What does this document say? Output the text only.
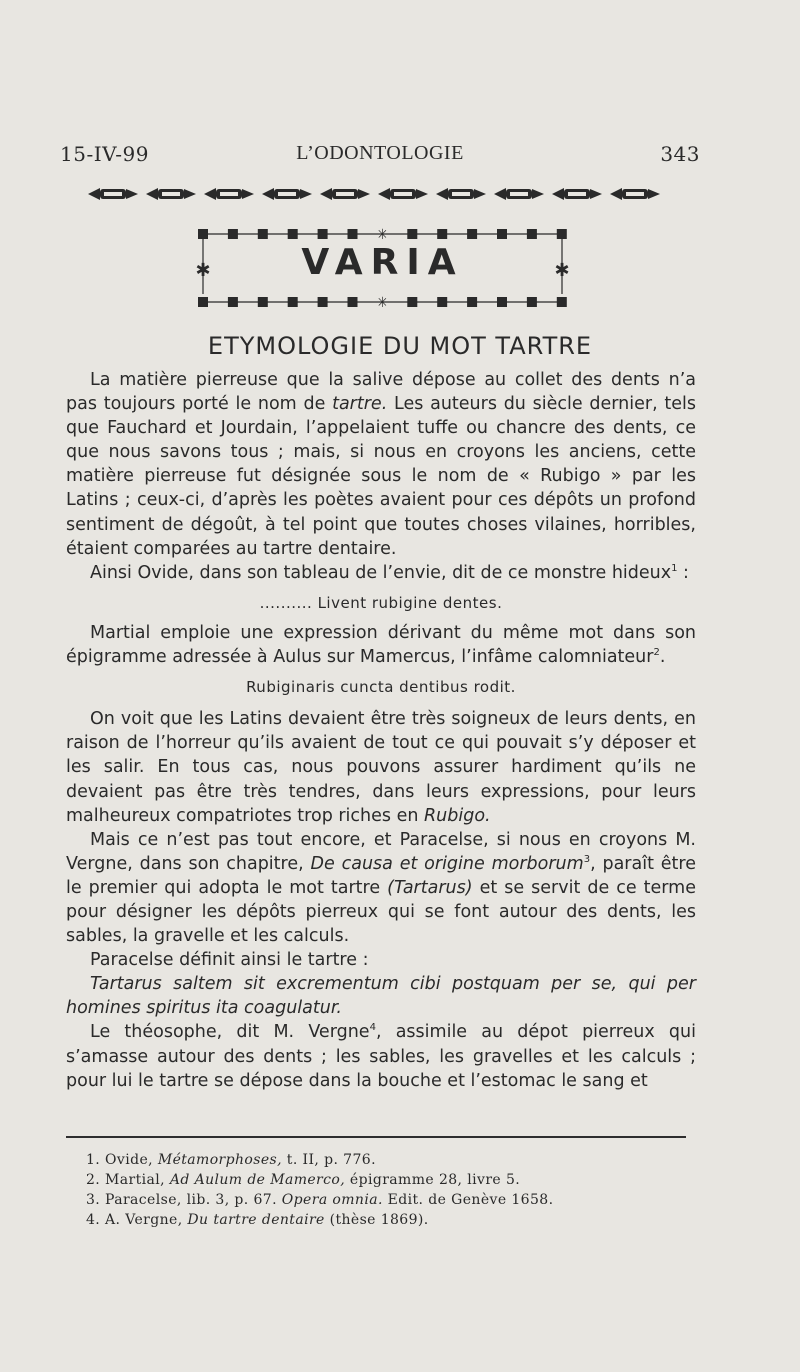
15-IV-99	L’ODONTOLOGIE	343
✳
✳
✱	✱
VARIA
ETYMOLOGIE DU MOT TARTRE

La matière pierreuse que la salive dépose au collet des dents n’a pas toujours porté le nom de tartre. Les auteurs du siècle dernier, tels que Fauchard et Jourdain, l’appelaient tuffe ou chancre des dents, ce que nous savons tous ; mais, si nous en croyons les anciens, cette matière pierreuse fut désignée sous le nom de « Rubigo » par les Latins ; ceux-ci, d’après les poètes avaient pour ces dépôts un profond sentiment de dégoût, à tel point que toutes choses vilaines, horribles, étaient comparées au tartre dentaire.

Ainsi Ovide, dans son tableau de l’envie, dit de ce monstre hideux$^1$ :

.......... Livent rubigine dentes.

Martial emploie une expression dérivant du même mot dans son épigramme adressée à Aulus sur Mamercus, l’infâme calomniateur$^2$.

Rubiginaris cuncta dentibus rodit.

On voit que les Latins devaient être très soigneux de leurs dents, en raison de l’horreur qu’ils avaient de tout ce qui pouvait s’y déposer et les salir. En tous cas, nous pouvons assurer hardiment qu’ils ne devaient pas être très tendres, dans leurs expressions, pour leurs malheureux compatriotes trop riches en Rubigo.

Mais ce n’est pas tout encore, et Paracelse, si nous en croyons M. Vergne, dans son chapitre, De causa et origine morborum$^3$, paraît être le premier qui adopta le mot tartre (Tartarus) et se servit de ce terme pour désigner les dépôts pierreux qui se font autour des dents, les sables, la gravelle et les calculs.

Paracelse définit ainsi le tartre :

Tartarus saltem sit excrementum cibi postquam per se, qui per homines spiritus ita coagulatur.

Le théosophe, dit M. Vergne$^4$, assimile au dépot pierreux qui s’amasse autour des dents ; les sables, les gravelles et les calculs ; pour lui le tartre se dépose dans la bouche et l’estomac le sang et

1. Ovide, Métamorphoses, t. II, p. 776.
2. Martial, Ad Aulum de Mamerco, épigramme 28, livre 5.
3. Paracelse, lib. 3, p. 67. Opera omnia. Edit. de Genève 1658.
4. A. Vergne, Du tartre dentaire (thèse 1869).
